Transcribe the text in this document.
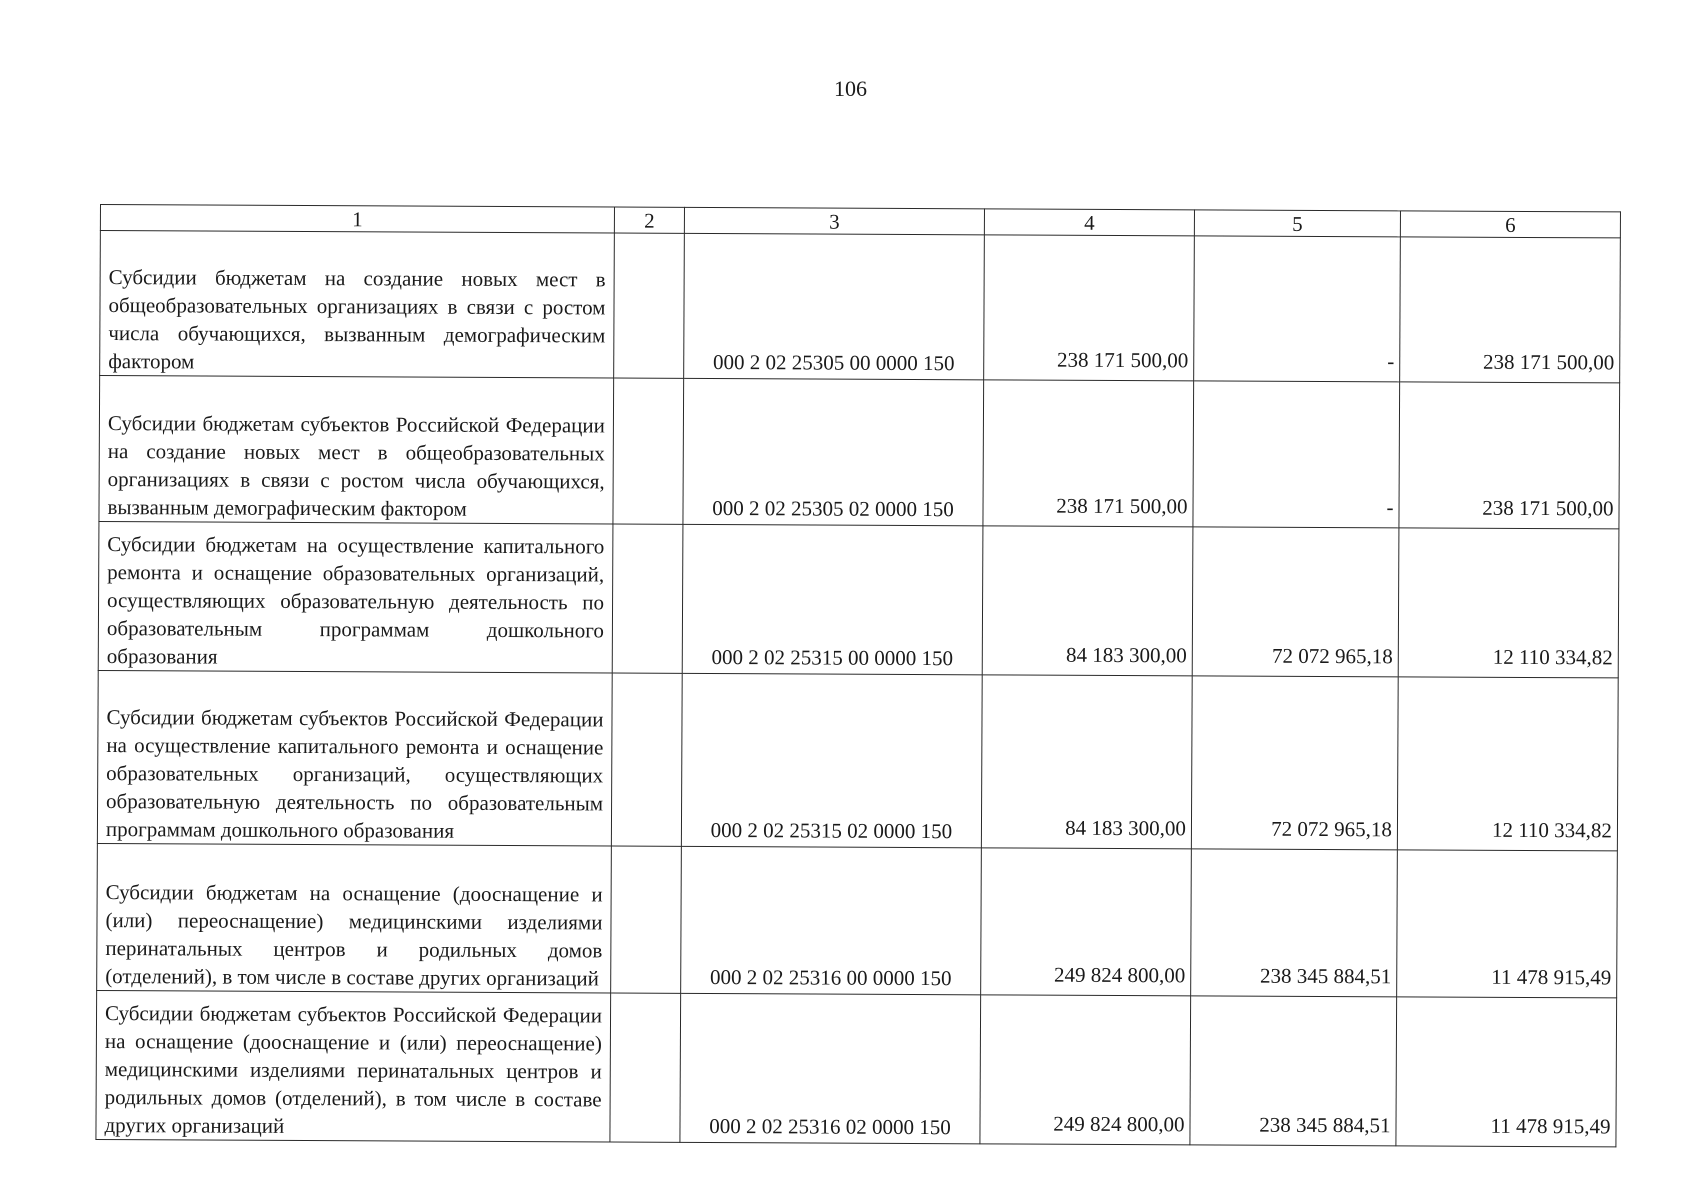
106
1	2	3	4	5	6
Субсидии бюджетам на создание новых мест в общеобразовательных организациях в связи с ростом числа обучающихся, вызванным демографическим фактором		000 2 02 25305 00 0000 150	238 171 500,00	-	238 171 500,00
Субсидии бюджетам субъектов Российской Федерации на создание новых мест в общеобразовательных организациях в связи с ростом числа обучающихся, вызванным демографическим фактором		000 2 02 25305 02 0000 150	238 171 500,00	-	238 171 500,00
Субсидии бюджетам на осуществление капитального ремонта и оснащение образовательных организаций, осуществляющих образовательную деятельность по образовательным программам дошкольного образования		000 2 02 25315 00 0000 150	84 183 300,00	72 072 965,18	12 110 334,82
Субсидии бюджетам субъектов Российской Федерации на осуществление капитального ремонта и оснащение образовательных организаций, осуществляющих образовательную деятельность по образовательным программам дошкольного образования		000 2 02 25315 02 0000 150	84 183 300,00	72 072 965,18	12 110 334,82
Субсидии бюджетам на оснащение (дооснащение и (или) переоснащение) медицинскими изделиями перинатальных центров и родильных домов (отделений), в том числе в составе других организаций		000 2 02 25316 00 0000 150	249 824 800,00	238 345 884,51	11 478 915,49
Субсидии бюджетам субъектов Российской Федерации на оснащение (дооснащение и (или) переоснащение) медицинскими изделиями перинатальных центров и родильных домов (отделений), в том числе в составе других организаций		000 2 02 25316 02 0000 150	249 824 800,00	238 345 884,51	11 478 915,49
